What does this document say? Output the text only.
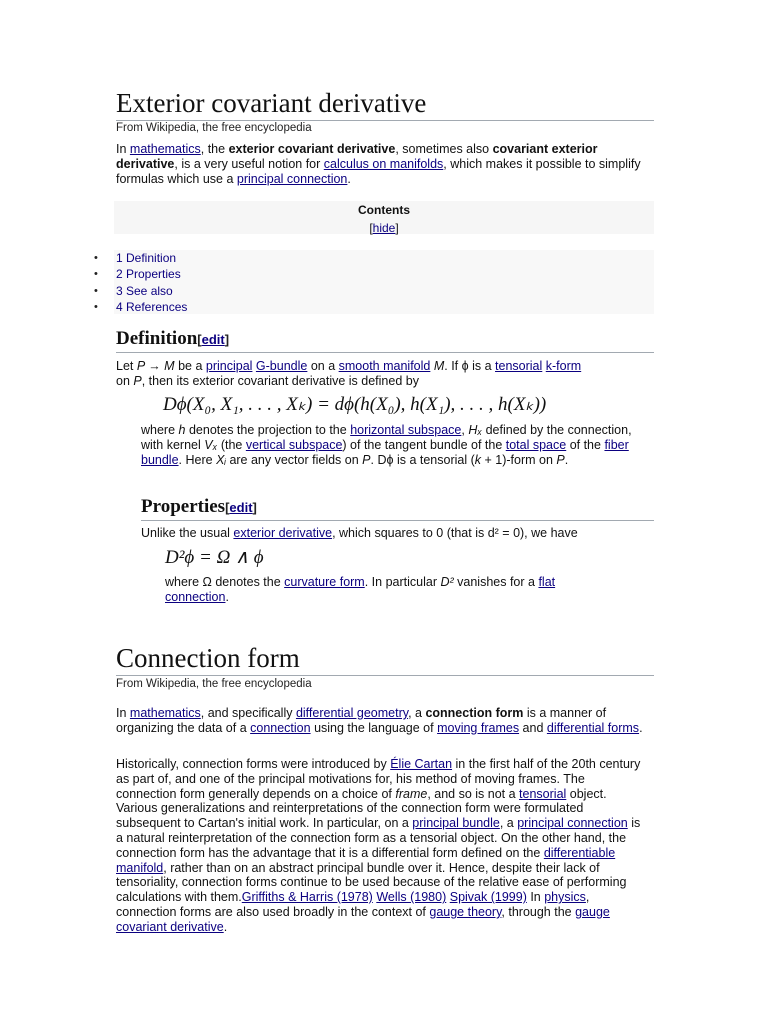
Exterior covariant derivative
From Wikipedia, the free encyclopedia

In mathematics, the exterior covariant derivative, sometimes also covariant exterior derivative, is a very useful notion for calculus on manifolds, which makes it possible to simplify formulas which use a principal connection.

Contents
[hide]
• 1 Definition
• 2 Properties
• 3 See also
• 4 References
Definition[edit]

Let P → M be a principal G-bundle on a smooth manifold M. If ϕ is a tensorial k-form on P, then its exterior covariant derivative is defined by

Dϕ(X₀, X₁, . . . , Xₖ) = dϕ(h(X₀), h(X₁), . . . , h(Xₖ))

where h denotes the projection to the horizontal subspace, Hₓ defined by the connection, with kernel Vₓ (the vertical subspace) of the tangent bundle of the total space of the fiber bundle. Here Xᵢ are any vector fields on P. Dϕ is a tensorial (k + 1)-form on P.

Properties[edit]

Unlike the usual exterior derivative, which squares to 0 (that is d² = 0), we have

D²ϕ = Ω ∧ ϕ

where Ω denotes the curvature form. In particular D² vanishes for a flat connection.

Connection form
From Wikipedia, the free encyclopedia

In mathematics, and specifically differential geometry, a connection form is a manner of organizing the data of a connection using the language of moving frames and differential forms.

Historically, connection forms were introduced by Élie Cartan in the first half of the 20th century as part of, and one of the principal motivations for, his method of moving frames. The connection form generally depends on a choice of frame, and so is not a tensorial object. Various generalizations and reinterpretations of the connection form were formulated subsequent to Cartan's initial work. In particular, on a principal bundle, a principal connection is a natural reinterpretation of the connection form as a tensorial object. On the other hand, the connection form has the advantage that it is a differential form defined on the differentiable manifold, rather than on an abstract principal bundle over it. Hence, despite their lack of tensoriality, connection forms continue to be used because of the relative ease of performing calculations with them.Griffiths & Harris (1978) Wells (1980) Spivak (1999) In physics, connection forms are also used broadly in the context of gauge theory, through the gauge covariant derivative.
